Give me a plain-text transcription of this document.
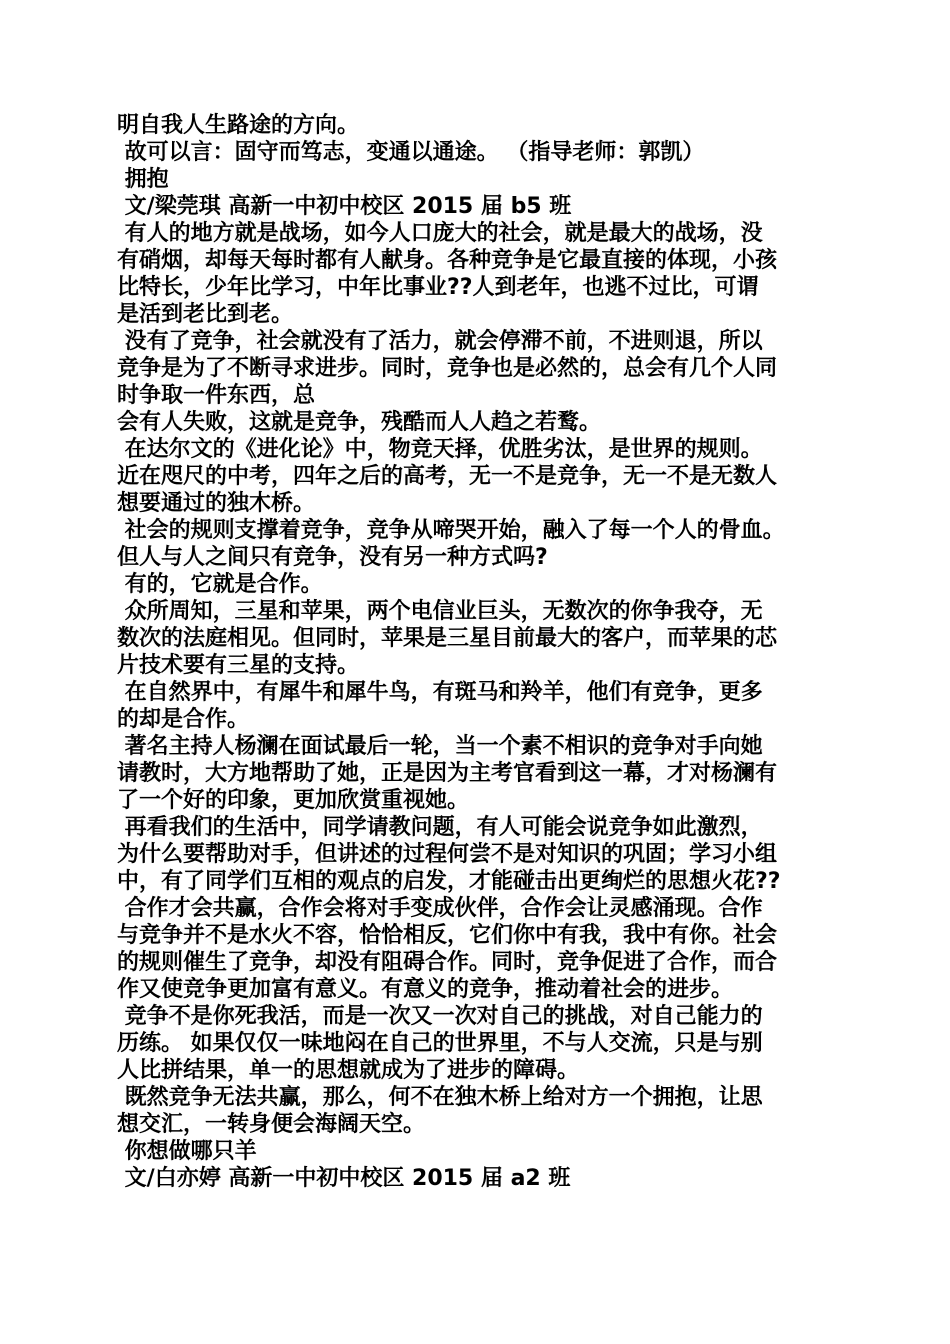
明自我人生路途的方向。
故可以言：固守而笃志，变通以通途。 （指导老师：郭凯）
拥抱
文/梁莞琪 高新一中初中校区 2015 届 b5 班
有人的地方就是战场，如今人口庞大的社会，就是最大的战场，没
有硝烟，却每天每时都有人献身。各种竞争是它最直接的体现，小孩
比特长，少年比学习，中年比事业??人到老年，也逃不过比，可谓
是活到老比到老。
没有了竞争，社会就没有了活力，就会停滞不前，不进则退，所以
竞争是为了不断寻求进步。同时，竞争也是必然的，总会有几个人同
时争取一件东西，总
会有人失败，这就是竞争，残酷而人人趋之若鹜。
在达尔文的《进化论》中，物竞天择，优胜劣汰，是世界的规则。
近在咫尺的中考，四年之后的高考，无一不是竞争，无一不是无数人
想要通过的独木桥。
社会的规则支撑着竞争，竞争从啼哭开始，融入了每一个人的骨血。
但人与人之间只有竞争，没有另一种方式吗?
有的，它就是合作。
众所周知，三星和苹果，两个电信业巨头，无数次的你争我夺，无
数次的法庭相见。但同时，苹果是三星目前最大的客户，而苹果的芯
片技术要有三星的支持。
在自然界中，有犀牛和犀牛鸟，有斑马和羚羊，他们有竞争，更多
的却是合作。
著名主持人杨澜在面试最后一轮，当一个素不相识的竞争对手向她
请教时，大方地帮助了她，正是因为主考官看到这一幕，才对杨澜有
了一个好的印象，更加欣赏重视她。
再看我们的生活中，同学请教问题，有人可能会说竞争如此激烈，
为什么要帮助对手，但讲述的过程何尝不是对知识的巩固；学习小组
中，有了同学们互相的观点的启发，才能碰击出更绚烂的思想火花??
合作才会共赢，合作会将对手变成伙伴，合作会让灵感涌现。合作
与竞争并不是水火不容，恰恰相反，它们你中有我，我中有你。社会
的规则催生了竞争，却没有阻碍合作。同时，竞争促进了合作，而合
作又使竞争更加富有意义。有意义的竞争，推动着社会的进步。
竞争不是你死我活，而是一次又一次对自己的挑战，对自己能力的
历练。 如果仅仅一味地闷在自己的世界里，不与人交流，只是与别
人比拼结果，单一的思想就成为了进步的障碍。
既然竞争无法共赢，那么，何不在独木桥上给对方一个拥抱，让思
想交汇，一转身便会海阔天空。
你想做哪只羊
文/白亦婷 高新一中初中校区 2015 届 a2 班
